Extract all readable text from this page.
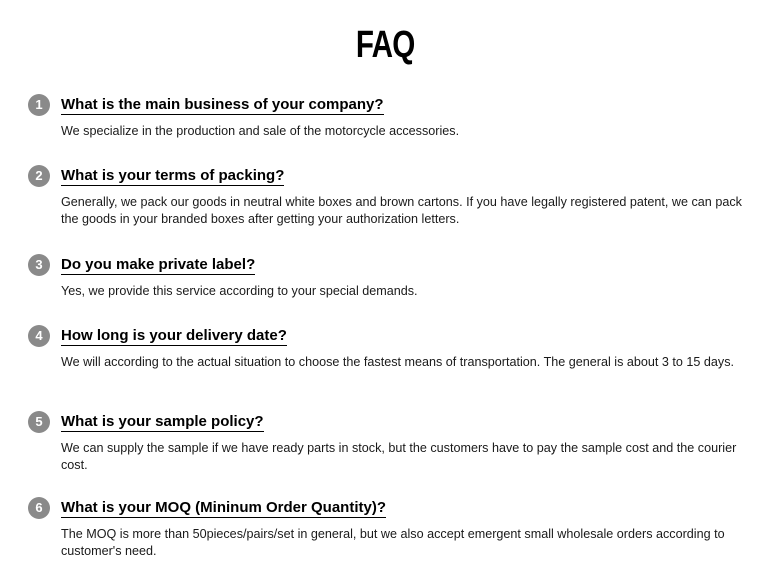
FAQ
1	What is the main business of your company?
We specialize in the production and sale of the motorcycle accessories.
2	What is your terms of packing?
Generally, we pack our goods in neutral white boxes and brown cartons. If you have legally registered patent, we can pack the goods in your branded boxes after getting your authorization letters.
3	Do you make private label?
Yes, we provide this service according to your special demands.
4	How long is your delivery date?
We will according to the actual situation to choose the fastest means of transportation. The general is about 3 to 15 days.
5	What is your sample policy?
We can supply the sample if we have ready parts in stock, but the customers have to pay the sample cost and the courier cost.
6	What is your MOQ (Mininum Order Quantity)?
The MOQ is more than 50pieces/pairs/set in general, but we also accept emergent small wholesale orders according to customer's need.
